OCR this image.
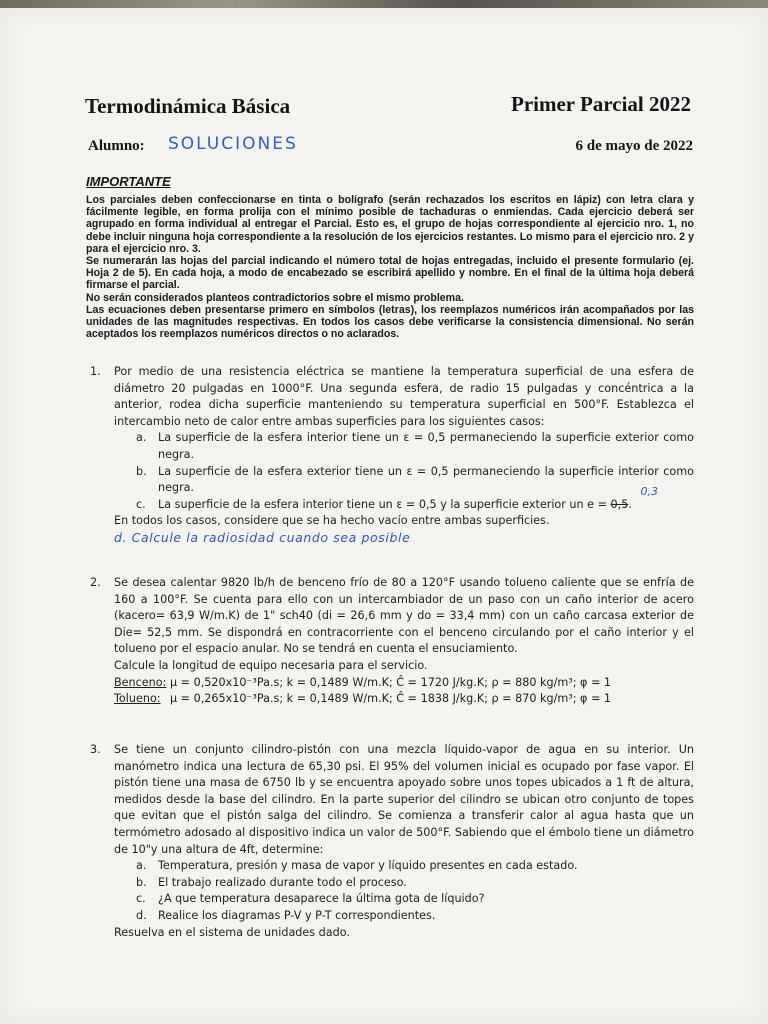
Termodinámica Básica	Primer Parcial 2022
Alumno: SOLUCIONES	6 de mayo de 2022
IMPORTANTE

Los parciales deben confeccionarse en tinta o bolígrafo (serán rechazados los escritos en lápiz) con letra clara y fácilmente legible, en forma prolija con el mínimo posible de tachaduras o enmiendas. Cada ejercicio deberá ser agrupado en forma individual al entregar el Parcial. Esto es, el grupo de hojas correspondiente al ejercicio nro. 1, no debe incluir ninguna hoja correspondiente a la resolución de los ejercicios restantes. Lo mismo para el ejercicio nro. 2 y para el ejercicio nro. 3.

Se numerarán las hojas del parcial indicando el número total de hojas entregadas, incluido el presente formulario (ej. Hoja 2 de 5). En cada hoja, a modo de encabezado se escribirá apellido y nombre. En el final de la última hoja deberá firmarse el parcial.

No serán considerados planteos contradictorios sobre el mismo problema.

Las ecuaciones deben presentarse primero en símbolos (letras), los reemplazos numéricos irán acompañados por las unidades de las magnitudes respectivas. En todos los casos debe verificarse la consistencia dimensional. No serán aceptados los reemplazos numéricos directos o no aclarados.

1. Por medio de una resistencia eléctrica se mantiene la temperatura superficial de una esfera de diámetro 20 pulgadas en 1000°F. Una segunda esfera, de radio 15 pulgadas y concéntrica a la anterior, rodea dicha superficie manteniendo su temperatura superficial en 500°F. Establezca el intercambio neto de calor entre ambas superficies para los siguientes casos:

a. La superficie de la esfera interior tiene un ε = 0,5 permaneciendo la superficie exterior como negra.
b. La superficie de la esfera exterior tiene un ε = 0,5 permaneciendo la superficie interior como negra.
c. La superficie de la esfera interior tiene un ε = 0,5 y la superficie exterior un e = 0,5.
0,3

En todos los casos, considere que se ha hecho vacío entre ambas superficies.

d. Calcule la radiosidad cuando sea posible

2. Se desea calentar 9820 lb/h de benceno frío de 80 a 120°F usando tolueno caliente que se enfría de 160 a 100°F. Se cuenta para ello con un intercambiador de un paso con un caño interior de acero (kacero= 63,9 W/m.K) de 1" sch40 (di = 26,6 mm y do = 33,4 mm) con un caño carcasa exterior de Die= 52,5 mm. Se dispondrá en contracorriente con el benceno circulando por el caño interior y el tolueno por el espacio anular. No se tendrá en cuenta el ensuciamiento.

Calcule la longitud de equipo necesaria para el servicio.

Benceno: μ = 0,520x10⁻³Pa.s; k = 0,1489 W/m.K; Ĉ = 1720 J/kg.K; ρ = 880 kg/m³; φ = 1
Tolueno: μ = 0,265x10⁻³Pa.s; k = 0,1489 W/m.K; Ĉ = 1838 J/kg.K; ρ = 870 kg/m³; φ = 1
3. Se tiene un conjunto cilindro-pistón con una mezcla líquido-vapor de agua en su interior. Un manómetro indica una lectura de 65,30 psi. El 95% del volumen inicial es ocupado por fase vapor. El pistón tiene una masa de 6750 lb y se encuentra apoyado sobre unos topes ubicados a 1 ft de altura, medidos desde la base del cilindro. En la parte superior del cilindro se ubican otro conjunto de topes que evitan que el pistón salga del cilindro. Se comienza a transferir calor al agua hasta que un termómetro adosado al dispositivo indica un valor de 500°F. Sabiendo que el émbolo tiene un diámetro de 10"y una altura de 4ft, determine:

a. Temperatura, presión y masa de vapor y líquido presentes en cada estado.
b. El trabajo realizado durante todo el proceso.
c. ¿A que temperatura desaparece la última gota de líquido?
d. Realice los diagramas P-V y P-T correspondientes.

Resuelva en el sistema de unidades dado.
